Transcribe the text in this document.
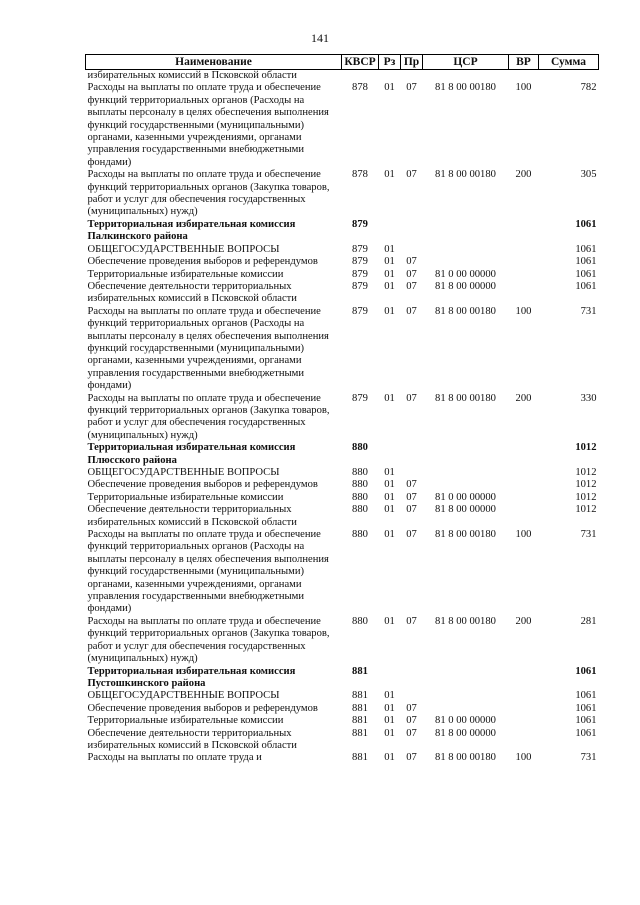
141
Наименование	КВСР	Рз	Пр	ЦСР	ВР	Сумма
избирательных комиссий в Псковской области						
Расходы на выплаты по оплате труда и обеспечение функций территориальных органов (Расходы на выплаты персоналу в целях обеспечения выполнения функций государственными (муниципальными) органами, казенными учреждениями, органами управления государственными внебюджетными фондами)	878	01	07	81 8 00 00180	100	782
Расходы на выплаты по оплате труда и обеспечение функций территориальных органов (Закупка товаров, работ и услуг для обеспечения государственных (муниципальных) нужд)	878	01	07	81 8 00 00180	200	305
Территориальная избирательная комиссия Палкинского района	879					1061
ОБЩЕГОСУДАРСТВЕННЫЕ ВОПРОСЫ	879	01				1061
Обеспечение проведения выборов и референдумов	879	01	07			1061
Территориальные избирательные комиссии	879	01	07	81 0 00 00000		1061
Обеспечение деятельности территориальных избирательных комиссий в Псковской области	879	01	07	81 8 00 00000		1061
Расходы на выплаты по оплате труда и обеспечение функций территориальных органов (Расходы на выплаты персоналу в целях обеспечения выполнения функций государственными (муниципальными) органами, казенными учреждениями, органами управления государственными внебюджетными фондами)	879	01	07	81 8 00 00180	100	731
Расходы на выплаты по оплате труда и обеспечение функций территориальных органов (Закупка товаров, работ и услуг для обеспечения государственных (муниципальных) нужд)	879	01	07	81 8 00 00180	200	330
Территориальная избирательная комиссия Плюсского района	880					1012
ОБЩЕГОСУДАРСТВЕННЫЕ ВОПРОСЫ	880	01				1012
Обеспечение проведения выборов и референдумов	880	01	07			1012
Территориальные избирательные комиссии	880	01	07	81 0 00 00000		1012
Обеспечение деятельности территориальных избирательных комиссий в Псковской области	880	01	07	81 8 00 00000		1012
Расходы на выплаты по оплате труда и обеспечение функций территориальных органов (Расходы на выплаты персоналу в целях обеспечения выполнения функций государственными (муниципальными) органами, казенными учреждениями, органами управления государственными внебюджетными фондами)	880	01	07	81 8 00 00180	100	731
Расходы на выплаты по оплате труда и обеспечение функций территориальных органов (Закупка товаров, работ и услуг для обеспечения государственных (муниципальных) нужд)	880	01	07	81 8 00 00180	200	281
Территориальная избирательная комиссия Пустошкинского района	881					1061
ОБЩЕГОСУДАРСТВЕННЫЕ ВОПРОСЫ	881	01				1061
Обеспечение проведения выборов и референдумов	881	01	07			1061
Территориальные избирательные комиссии	881	01	07	81 0 00 00000		1061
Обеспечение деятельности территориальных избирательных комиссий в Псковской области	881	01	07	81 8 00 00000		1061
Расходы на выплаты по оплате труда и	881	01	07	81 8 00 00180	100	731
